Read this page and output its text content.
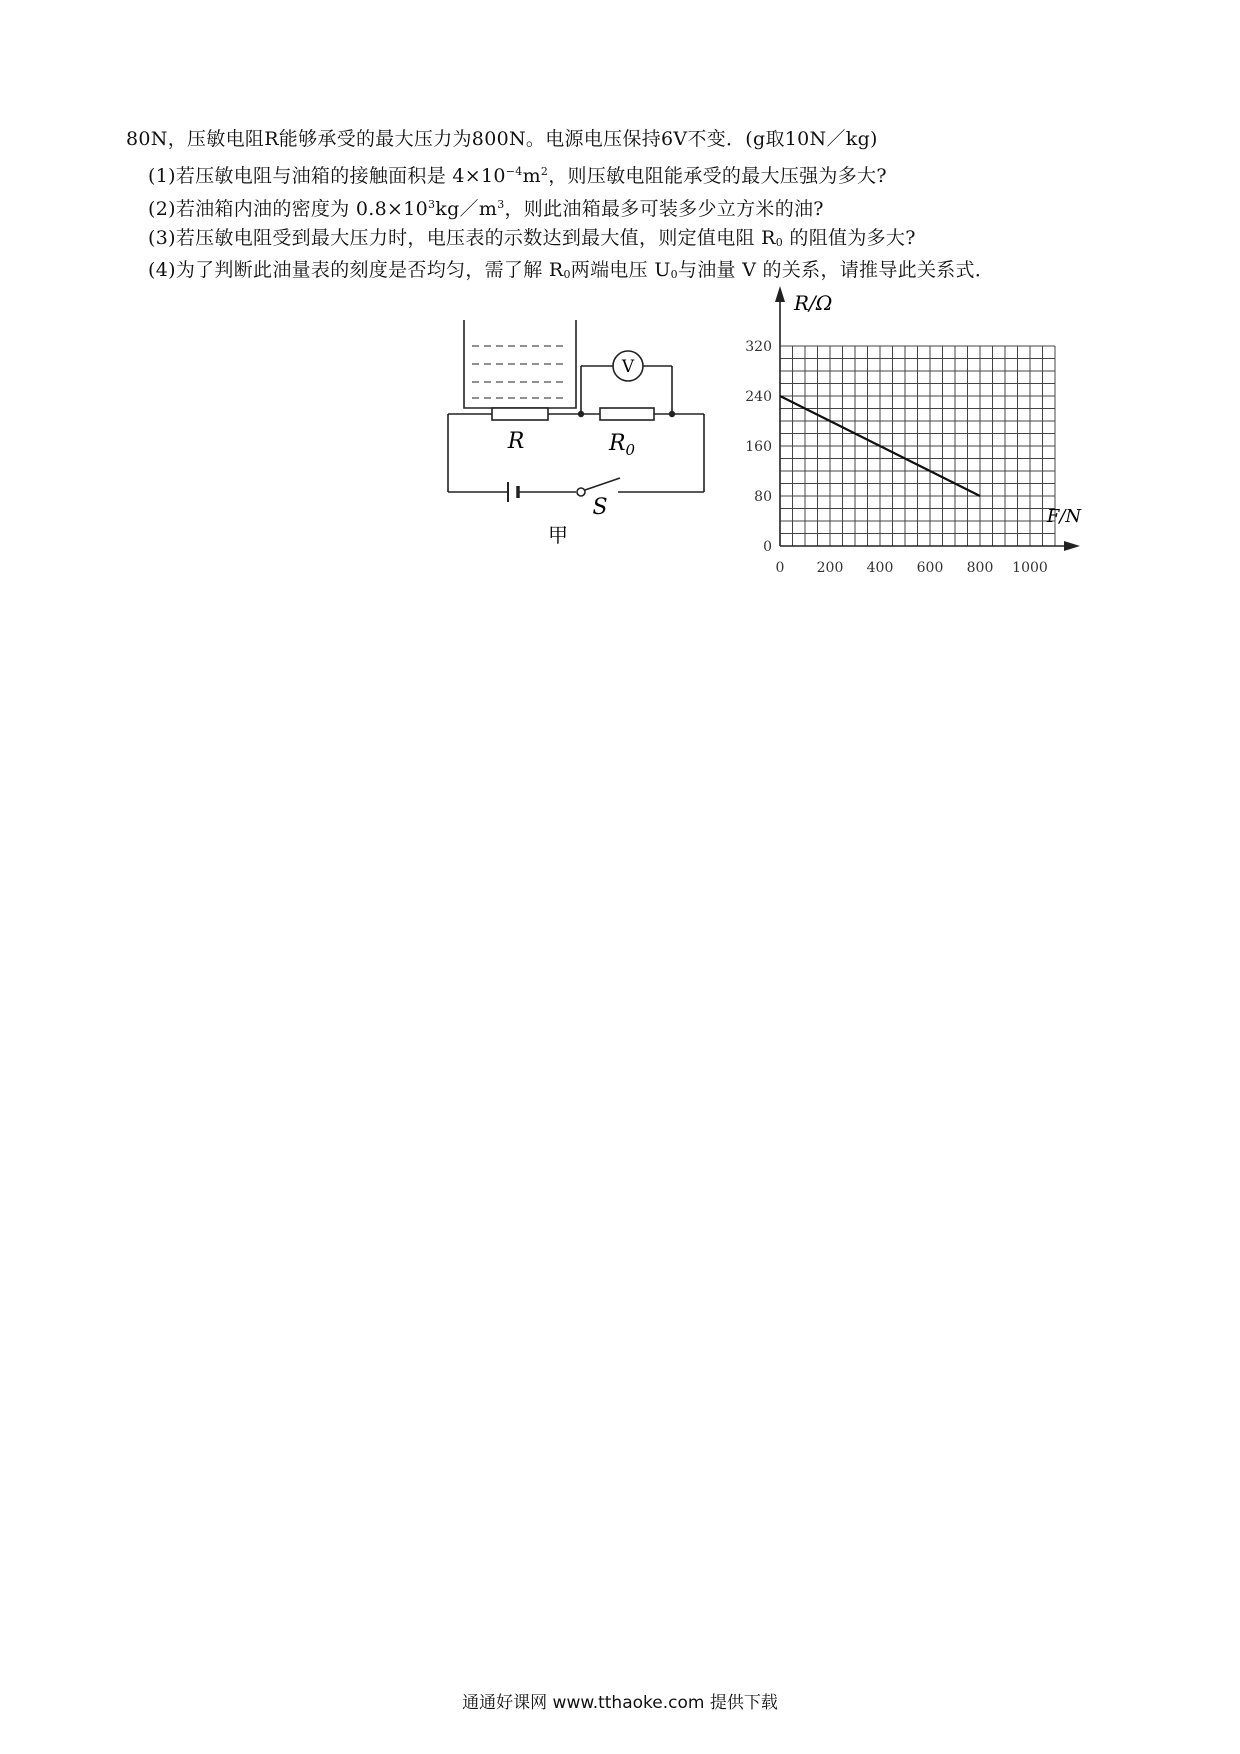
80N，压敏电阻R能够承受的最大压力为800N。电源电压保持6V不变．(g取10N／kg)
(1)若压敏电阻与油箱的接触面积是 $4\times 10^{-4}m^2$，则压敏电阻能承受的最大压强为多大?
(2)若油箱内油的密度为 $0.8\times 10^3kg/m^3$，则此油箱最多可装多少立方米的油?
(3)若压敏电阻受到最大压力时，电压表的示数达到最大值，则定值电阻 $R_0$ 的阻值为多大?
(4)为了判断此油量表的刻度是否均匀，需了解 $R_0$两端电压 $U_0$与油量 V 的关系，请推导此关系式．
V
R	$R_0$
S
甲
0 200 400 600 800 1000
0
80
160
240
320
R/Ω
F/N
通通好课网 www.tthaoke.com 提供下载
